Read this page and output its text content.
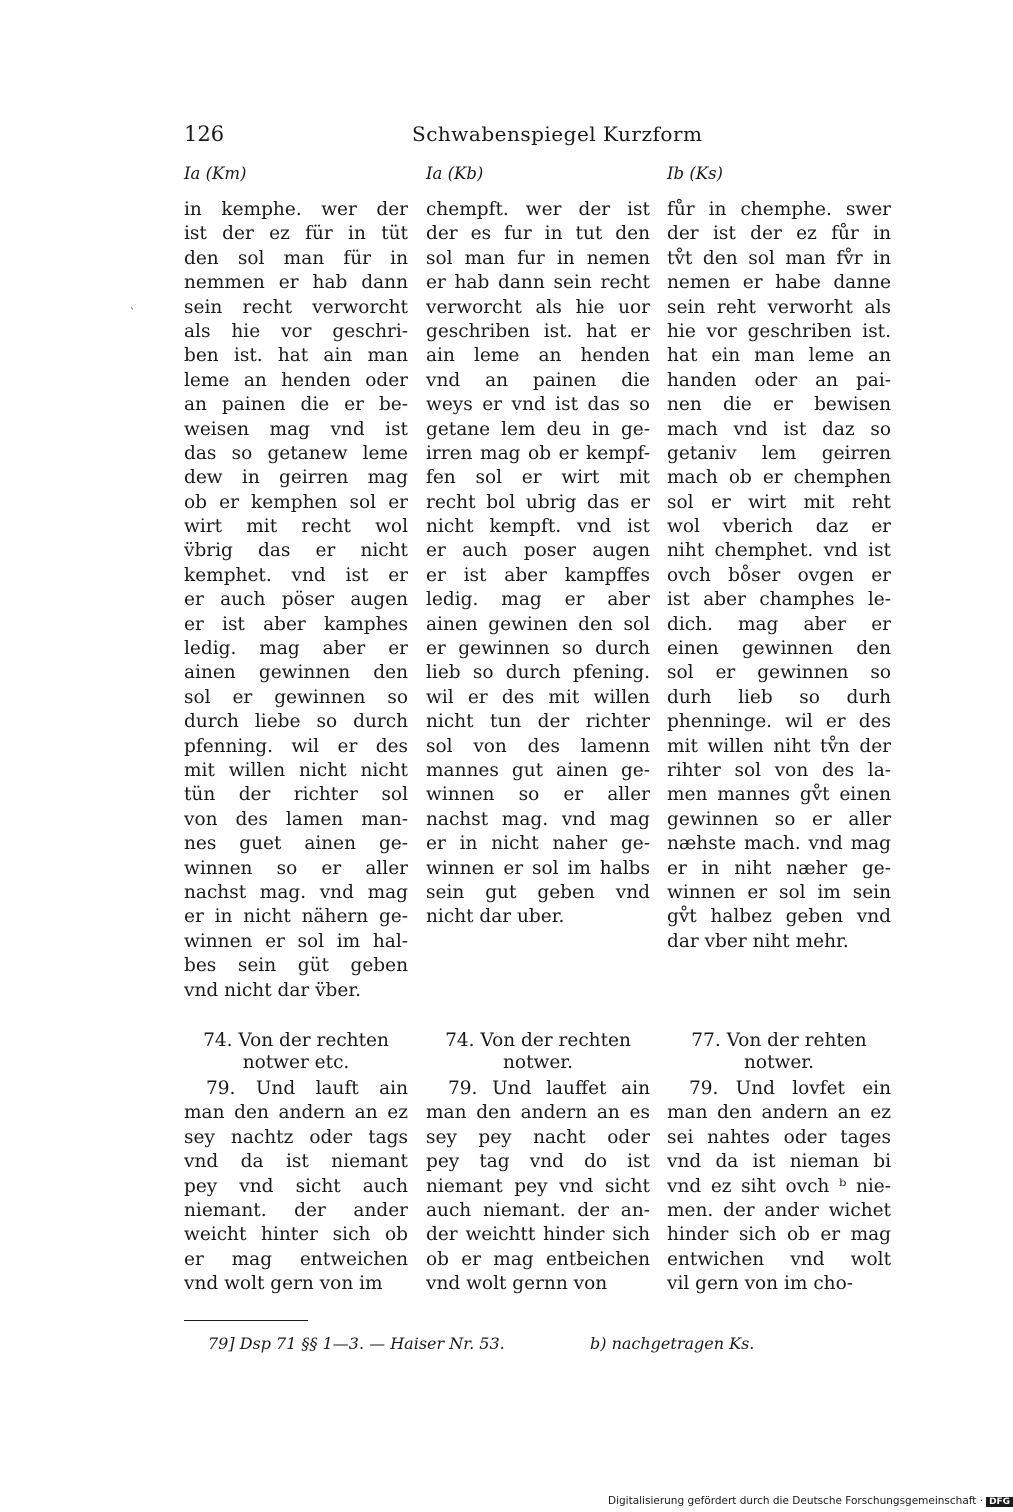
126	Schwabenspiegel Kurzform
ˋ
Ia (Km)	Ia (Kb)	Ib (Ks)
in kemphe. wer der
ist der ez für in tüt
den sol man für in
nemmen er hab dann
sein recht verworcht
als hie vor geschri-
ben ist. hat ain man
leme an henden oder
an painen die er be-
weisen mag vnd ist
das so getanew leme
dew in geirren mag
ob er kemphen sol er
wirt mit recht wol
v̈brig das er nicht
kemphet. vnd ist er
er auch pöser augen
er ist aber kamphes
ledig. mag aber er
ainen gewinnen den
sol er gewinnen so
durch liebe so durch
pfenning. wil er des
mit willen nicht nicht
tün der richter sol
von des lamen man-
nes guet ainen ge-
winnen so er aller
nachst mag. vnd mag
er in nicht nähern ge-
winnen er sol im hal-
bes sein güt geben
vnd nicht dar v̈ber.
chempft. wer der ist
der es fur in tut den
sol man fur in nemen
er hab dann sein recht
verworcht als hie uor
geschriben ist. hat er
ain leme an henden
vnd an painen die
weys er vnd ist das so
getane lem deu in ge-
irren mag ob er kempf-
fen sol er wirt mit
recht bol ubrig das er
nicht kempft. vnd ist
er auch poser augen
er ist aber kampffes
ledig. mag er aber
ainen gewinen den sol
er gewinnen so durch
lieb so durch pfening.
wil er des mit willen
nicht tun der richter
sol von des lamenn
mannes gut ainen ge-
winnen so er aller
nachst mag. vnd mag
er in nicht naher ge-
winnen er sol im halbs
sein gut geben vnd
nicht dar uber.
fůr in chemphe. swer
der ist der ez fůr in
tv̊t den sol man fv̊r in
nemen er habe danne
sein reht verworht als
hie vor geschriben ist.
hat ein man leme an
handen oder an pai-
nen die er bewisen
mach vnd ist daz so
getaniv lem geirren
mach ob er chemphen
sol er wirt mit reht
wol vberich daz er
niht chemphet. vnd ist
ovch bo̊ser ovgen er
ist aber champhes le-
dich. mag aber er
einen gewinnen den
sol er gewinnen so
durh lieb so durh
phenninge. wil er des
mit willen niht tv̊n der
rihter sol von des la-
men mannes gv̊t einen
gewinnen so er aller
næhste mach. vnd mag
er in niht næher ge-
winnen er sol im sein
gv̊t halbez geben vnd
dar vber niht mehr.
74. Von der rechten
notwer etc.
74. Von der rechten
notwer.
77. Von der rehten
notwer.
79. Und lauft ain
man den andern an ez
sey nachtz oder tags
vnd da ist niemant
pey vnd sicht auch
niemant. der ander
weicht hinter sich ob
er mag entweichen
vnd wolt gern von im
79. Und lauffet ain
man den andern an es
sey pey nacht oder
pey tag vnd do ist
niemant pey vnd sicht
auch niemant. der an-
der weichtt hinder sich
ob er mag entbeichen
vnd wolt gernn von
79. Und lovfet ein
man den andern an ez
sei nahtes oder tages
vnd da ist nieman bi
vnd ez siht ovch ᵇ nie-
men. der ander wichet
hinder sich ob er mag
entwichen vnd wolt
vil gern von im cho-
79] Dsp 71 §§ 1—3. — Haiser Nr. 53.	b) nachgetragen Ks.
Digitalisierung gefördert durch die Deutsche Forschungsgemeinschaft · DFG
